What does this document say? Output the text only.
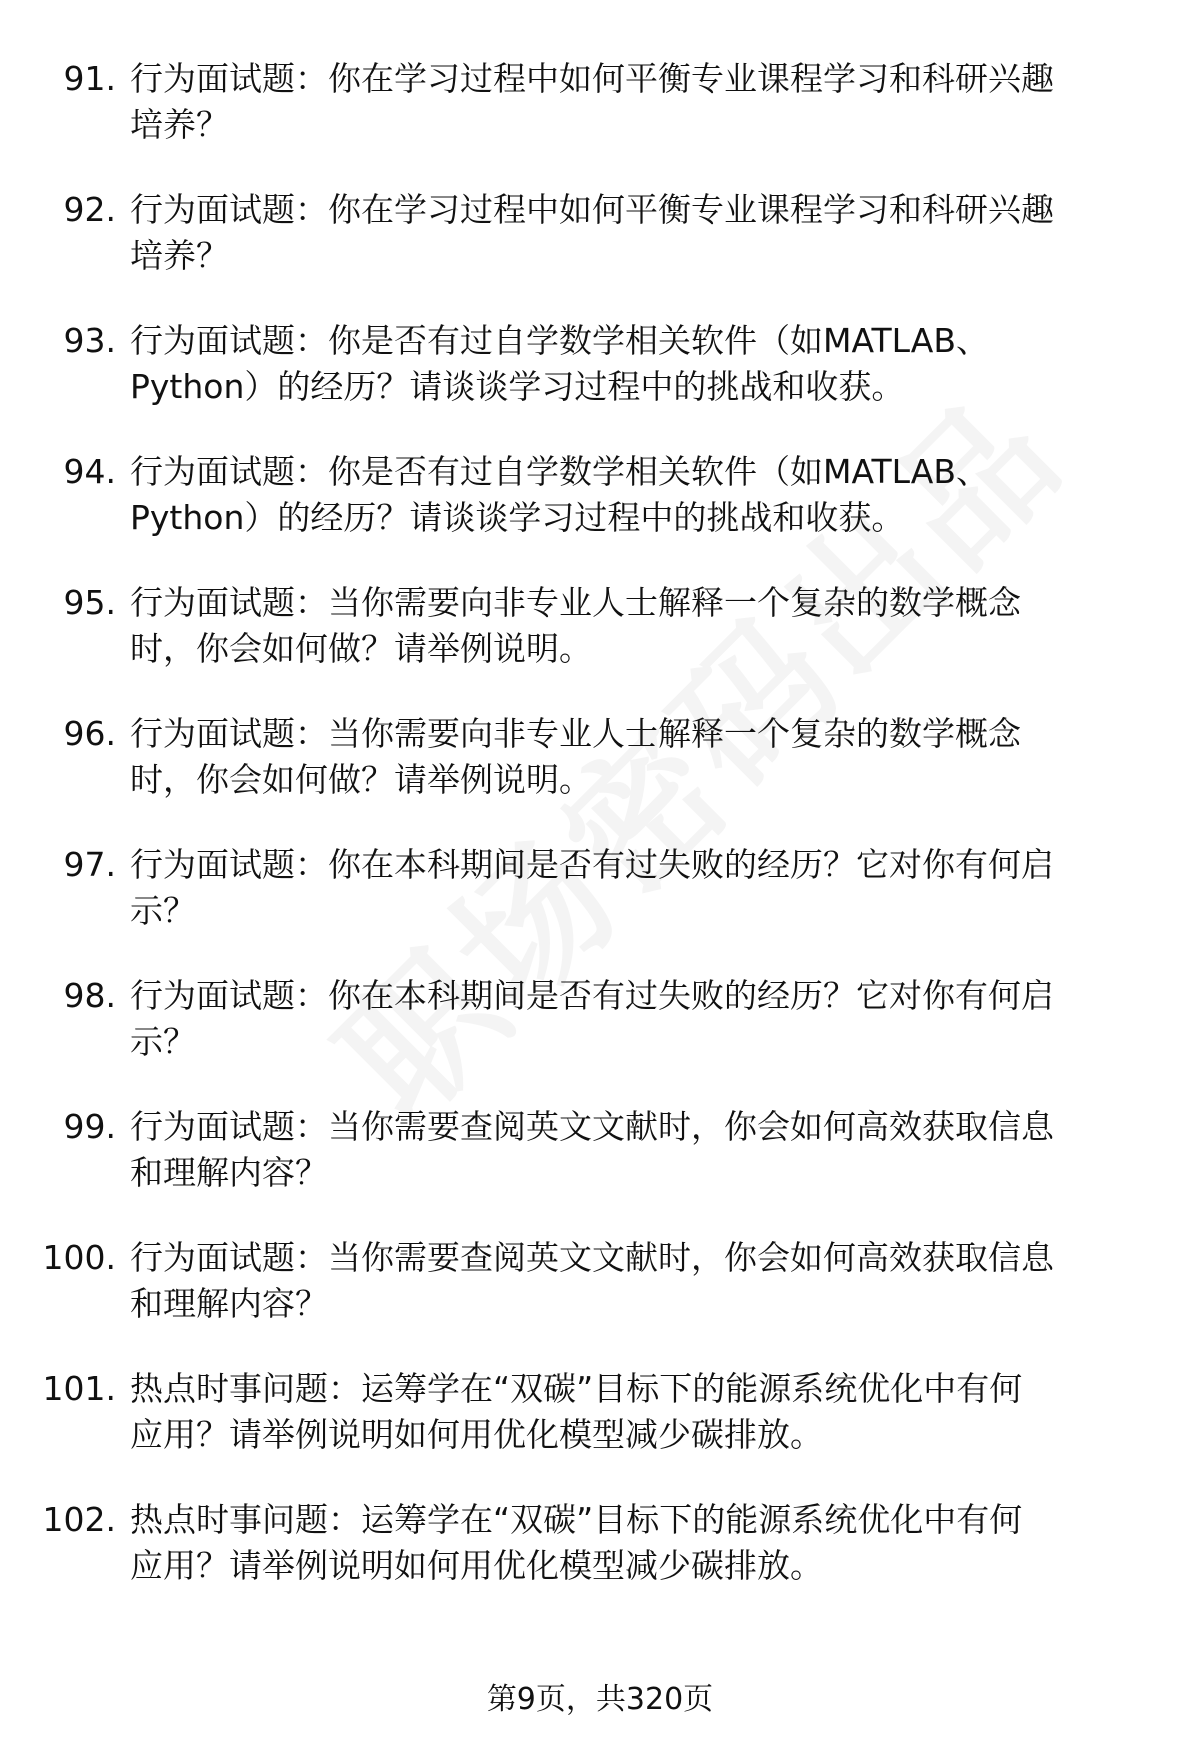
91. 行为面试题：你在学习过程中如何平衡专业课程学习和科研兴趣
培养？
92. 行为面试题：你在学习过程中如何平衡专业课程学习和科研兴趣
培养？
93. 行为面试题：你是否有过自学数学相关软件（如MATLAB、
Python）的经历？请谈谈学习过程中的挑战和收获。
94. 行为面试题：你是否有过自学数学相关软件（如MATLAB、
Python）的经历？请谈谈学习过程中的挑战和收获。
95. 行为面试题：当你需要向非专业人士解释一个复杂的数学概念
时，你会如何做？请举例说明。
96. 行为面试题：当你需要向非专业人士解释一个复杂的数学概念
时，你会如何做？请举例说明。
97. 行为面试题：你在本科期间是否有过失败的经历？它对你有何启
示？
98. 行为面试题：你在本科期间是否有过失败的经历？它对你有何启
示？
99. 行为面试题：当你需要查阅英文文献时，你会如何高效获取信息
和理解内容？
100. 行为面试题：当你需要查阅英文文献时，你会如何高效获取信息
和理解内容？
101. 热点时事问题：运筹学在“双碳”目标下的能源系统优化中有何
应用？请举例说明如何用优化模型减少碳排放。
102. 热点时事问题：运筹学在“双碳”目标下的能源系统优化中有何
应用？请举例说明如何用优化模型减少碳排放。
第9页，共320页
